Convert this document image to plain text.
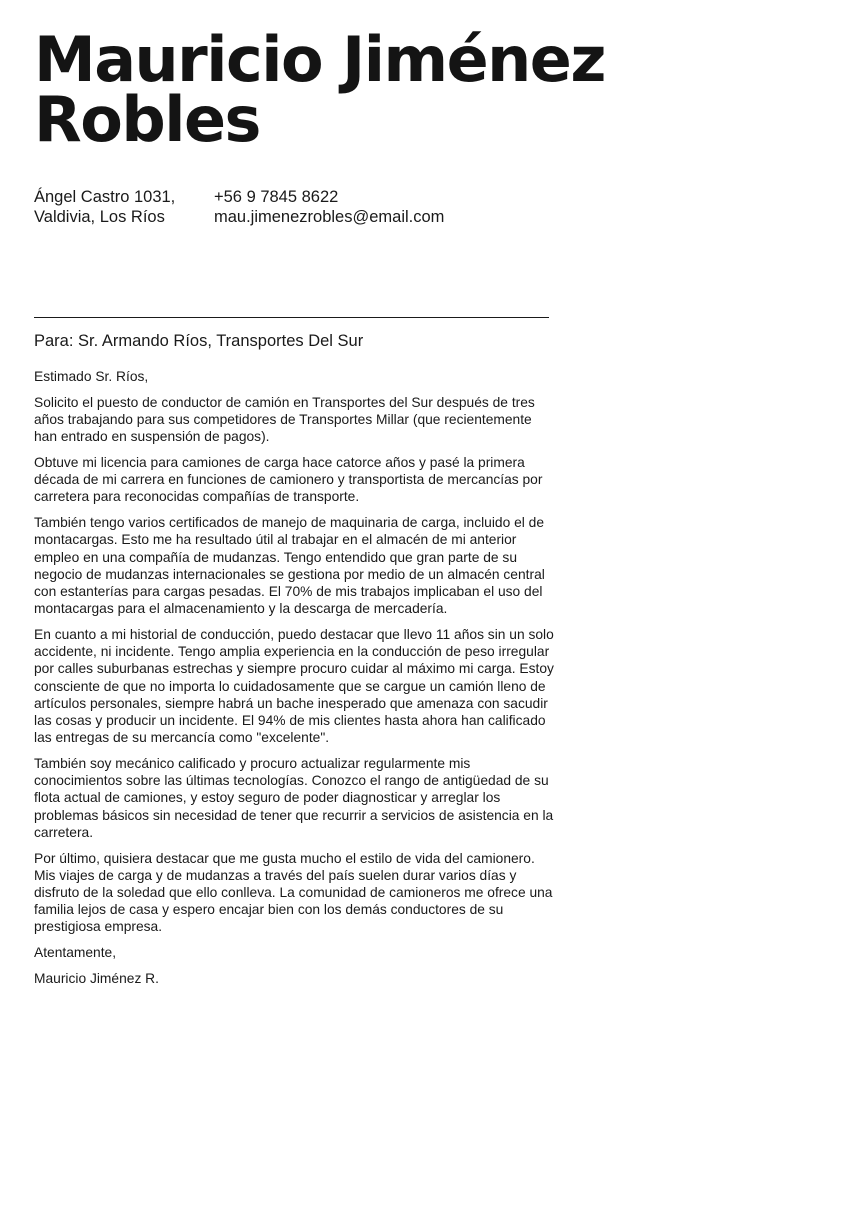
Mauricio Jiménez
Robles
Ángel Castro 1031,
Valdivia, Los Ríos
+56 9 7845 8622
mau.jimenezrobles@email.com
Para: Sr. Armando Ríos, Transportes Del Sur

Estimado Sr. Ríos,

Solicito el puesto de conductor de camión en Transportes del Sur después de tres años trabajando para sus competidores de Transportes Millar (que recientemente han entrado en suspensión de pagos).

Obtuve mi licencia para camiones de carga hace catorce años y pasé la primera década de mi carrera en funciones de camionero y transportista de mercancías por carretera para reconocidas compañías de transporte.

También tengo varios certificados de manejo de maquinaria de carga, incluido el de montacargas. Esto me ha resultado útil al trabajar en el almacén de mi anterior empleo en una compañía de mudanzas. Tengo entendido que gran parte de su negocio de mudanzas internacionales se gestiona por medio de un almacén central con estanterías para cargas pesadas. El 70% de mis trabajos implicaban el uso del montacargas para el almacenamiento y la descarga de mercadería.

En cuanto a mi historial de conducción, puedo destacar que llevo 11 años sin un solo accidente, ni incidente. Tengo amplia experiencia en la conducción de peso irregular por calles suburbanas estrechas y siempre procuro cuidar al máximo mi carga. Estoy consciente de que no importa lo cuidadosamente que se cargue un camión lleno de artículos personales, siempre habrá un bache inesperado que amenaza con sacudir las cosas y producir un incidente. El 94% de mis clientes hasta ahora han calificado las entregas de su mercancía como "excelente".

También soy mecánico calificado y procuro actualizar regularmente mis conocimientos sobre las últimas tecnologías. Conozco el rango de antigüedad de su flota actual de camiones, y estoy seguro de poder diagnosticar y arreglar los problemas básicos sin necesidad de tener que recurrir a servicios de asistencia en la carretera.

Por último, quisiera destacar que me gusta mucho el estilo de vida del camionero. Mis viajes de carga y de mudanzas a través del país suelen durar varios días y disfruto de la soledad que ello conlleva. La comunidad de camioneros me ofrece una familia lejos de casa y espero encajar bien con los demás conductores de su prestigiosa empresa.

Atentamente,

Mauricio Jiménez R.
